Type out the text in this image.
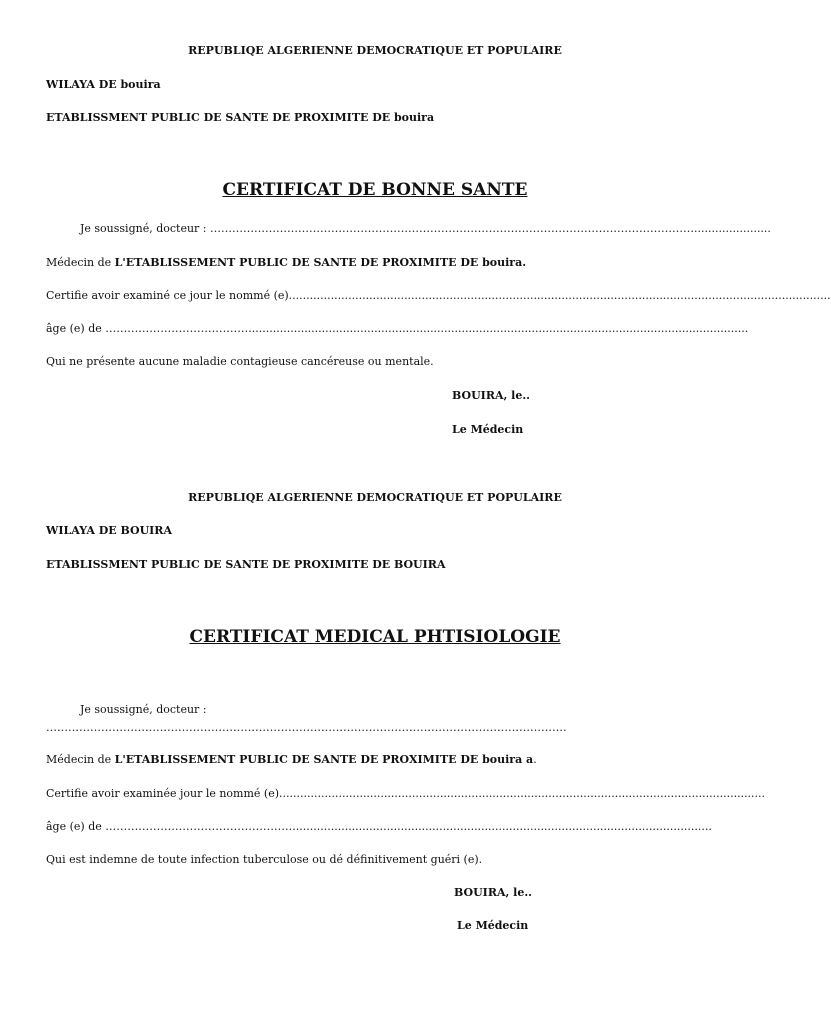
REPUBLIQE ALGERIENNE DEMOCRATIQUE ET POPULAIRE
WILAYA DE bouira
ETABLISSMENT PUBLIC DE SANTE DE PROXIMITE DE bouira
CERTIFICAT DE BONNE SANTE
Je soussigné, docteur : ……………………………………………………………………………………………………………………......................
Médecin de L'ETABLISSEMENT PUBLIC DE SANTE DE PROXIMITE DE bouira.
Certifie avoir examiné ce jour le nommé (e)...........................................................................................................................................................
âge (e) de …………………………………...............................................................................................................................................
Qui ne présente aucune maladie contagieuse cancéreuse ou mentale.
BOUIRA, le..
Le Médecin
REPUBLIQE ALGERIENNE DEMOCRATIQUE ET POPULAIRE
WILAYA DE BOUIRA
ETABLISSMENT PUBLIC DE SANTE DE PROXIMITE DE BOUIRA
CERTIFICAT MEDICAL PHTISIOLOGIE
Je soussigné, docteur :
…………………………………………………………………………………………………………………………….
Médecin de L'ETABLISSEMENT PUBLIC DE SANTE DE PROXIMITE DE bouira a.
Certifie avoir examinée jour le nommé (e)...........................................................................................................................................
âge (e) de ……………………………………………........................................................................................................................
Qui est indemne de toute infection tuberculose ou dé définitivement guéri (e).
BOUIRA, le..
Le Médecin
